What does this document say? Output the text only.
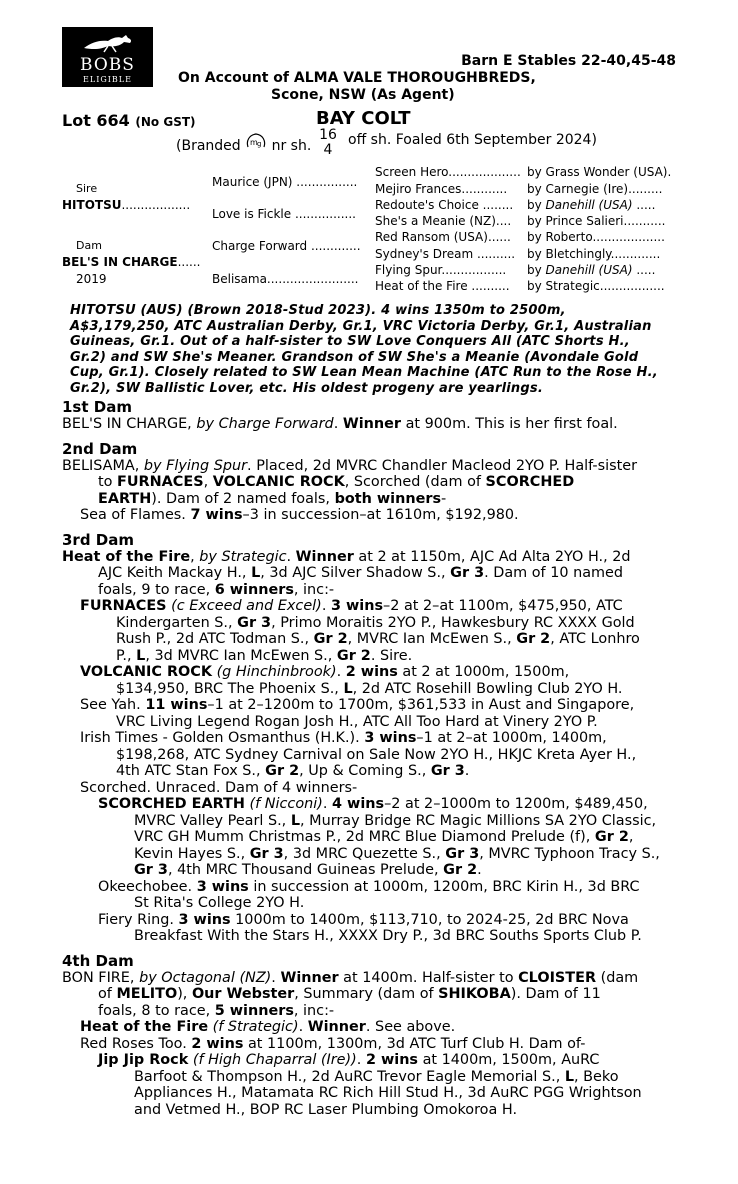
BOBS
ELIGIBLE
Barn E Stables 22-40,45-48
On Account of ALMA VALE THOROUGHBREDS,
Scone, NSW (As Agent)
Lot 664 (No GST)	BAY COLT
(Branded m g nr sh.
16
4
off sh. Foaled 6th September 2024)
Sire
HITOTSU..................
Dam
BEL'S IN CHARGE......
2019
Maurice (JPN) ................
Love is Fickle ................
Charge Forward .............
Belisama........................
HITOTSU (AUS) (Brown 2018-Stud 2023). 4 wins 1350m to 2500m,
A$3,179,250, ATC Australian Derby, Gr.1, VRC Victoria Derby, Gr.1, Australian
Guineas, Gr.1. Out of a half-sister to SW Love Conquers All (ATC Shorts H.,
Gr.2) and SW She's Meaner. Grandson of SW She's a Meanie (Avondale Gold
Cup, Gr.1). Closely related to SW Lean Mean Machine (ATC Run to the Rose H.,
Gr.2), SW Ballistic Lover, etc. His oldest progeny are yearlings.
1st Dam
BEL'S IN CHARGE, by Charge Forward. Winner at 900m. This is her first foal.
2nd Dam
BELISAMA, by Flying Spur. Placed, 2d MVRC Chandler Macleod 2YO P. Half-sister
to FURNACES, VOLCANIC ROCK, Scorched (dam of SCORCHED
EARTH). Dam of 2 named foals, both winners-
Sea of Flames. 7 wins–3 in succession–at 1610m, $192,980.
3rd Dam
Heat of the Fire, by Strategic. Winner at 2 at 1150m, AJC Ad Alta 2YO H., 2d
AJC Keith Mackay H., L, 3d AJC Silver Shadow S., Gr 3. Dam of 10 named
foals, 9 to race, 6 winners, inc:-
FURNACES (c Exceed and Excel). 3 wins–2 at 2–at 1100m, $475,950, ATC
Kindergarten S., Gr 3, Primo Moraitis 2YO P., Hawkesbury RC XXXX Gold
Rush P., 2d ATC Todman S., Gr 2, MVRC Ian McEwen S., Gr 2, ATC Lonhro
P., L, 3d MVRC Ian McEwen S., Gr 2. Sire.
VOLCANIC ROCK (g Hinchinbrook). 2 wins at 2 at 1000m, 1500m,
$134,950, BRC The Phoenix S., L, 2d ATC Rosehill Bowling Club 2YO H.
See Yah. 11 wins–1 at 2–1200m to 1700m, $361,533 in Aust and Singapore,
VRC Living Legend Rogan Josh H., ATC All Too Hard at Vinery 2YO P.
Irish Times - Golden Osmanthus (H.K.). 3 wins–1 at 2–at 1000m, 1400m,
$198,268, ATC Sydney Carnival on Sale Now 2YO H., HKJC Kreta Ayer H.,
4th ATC Stan Fox S., Gr 2, Up & Coming S., Gr 3.
Scorched. Unraced. Dam of 4 winners-
SCORCHED EARTH (f Nicconi). 4 wins–2 at 2–1000m to 1200m, $489,450,
MVRC Valley Pearl S., L, Murray Bridge RC Magic Millions SA 2YO Classic,
VRC GH Mumm Christmas P., 2d MRC Blue Diamond Prelude (f), Gr 2,
Kevin Hayes S., Gr 3, 3d MRC Quezette S., Gr 3, MVRC Typhoon Tracy S.,
Gr 3, 4th MRC Thousand Guineas Prelude, Gr 2.
Okeechobee. 3 wins in succession at 1000m, 1200m, BRC Kirin H., 3d BRC
St Rita's College 2YO H.
Fiery Ring. 3 wins 1000m to 1400m, $113,710, to 2024-25, 2d BRC Nova
Breakfast With the Stars H., XXXX Dry P., 3d BRC Souths Sports Club P.
4th Dam
BON FIRE, by Octagonal (NZ). Winner at 1400m. Half-sister to CLOISTER (dam
of MELITO), Our Webster, Summary (dam of SHIKOBA). Dam of 11
foals, 8 to race, 5 winners, inc:-
Heat of the Fire (f Strategic). Winner. See above.
Red Roses Too. 2 wins at 1100m, 1300m, 3d ATC Turf Club H. Dam of-
Jip Jip Rock (f High Chaparral (Ire)). 2 wins at 1400m, 1500m, AuRC
Barfoot & Thompson H., 2d AuRC Trevor Eagle Memorial S., L, Beko
Appliances H., Matamata RC Rich Hill Stud H., 3d AuRC PGG Wrightson
and Vetmed H., BOP RC Laser Plumbing Omokoroa H.
Screen Hero...................
Mejiro Frances............
Redoute's Choice ........
She's a Meanie (NZ)....
Red Ransom (USA)......
Sydney's Dream ..........
Flying Spur.................
Heat of the Fire ..........
by Grass Wonder (USA).
by Carnegie (Ire).........
by Danehill (USA) .....
by Prince Salieri...........
by Roberto...................
by Bletchingly.............
by Danehill (USA) .....
by Strategic.................
